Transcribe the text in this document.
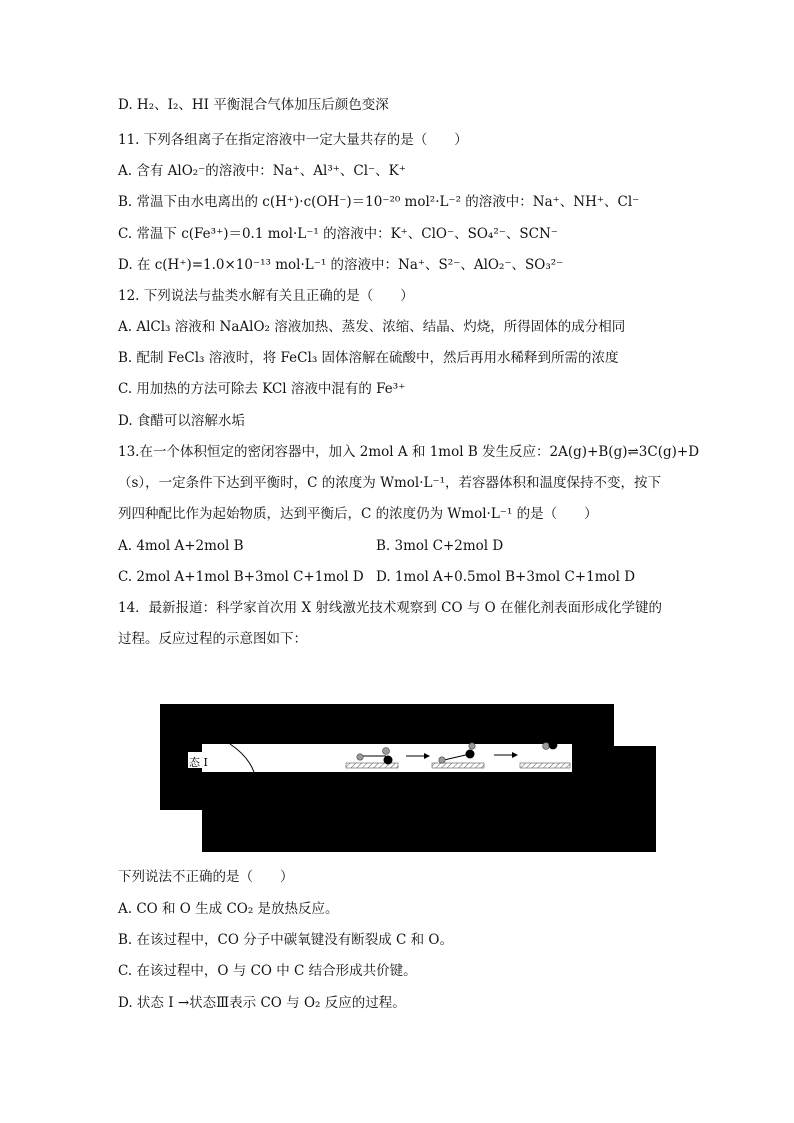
D. H₂、I₂、HI 平衡混合气体加压后颜色变深
11. 下列各组离子在指定溶液中一定大量共存的是（　　）
A. 含有 AlO₂⁻的溶液中：Na⁺、Al³⁺、Cl⁻、K⁺
B. 常温下由水电离出的 c(H⁺)·c(OH⁻)＝10⁻²⁰ mol²·L⁻² 的溶液中：Na⁺、NH⁺、Cl⁻
C. 常温下 c(Fe³⁺)＝0.1 mol·L⁻¹ 的溶液中：K⁺、ClO⁻、SO₄²⁻、SCN⁻
D. 在 c(H⁺)=1.0×10⁻¹³ mol·L⁻¹ 的溶液中：Na⁺、S²⁻、AlO₂⁻、SO₃²⁻
12. 下列说法与盐类水解有关且正确的是（　　）
A. AlCl₃ 溶液和 NaAlO₂ 溶液加热、蒸发、浓缩、结晶、灼烧，所得固体的成分相同
B. 配制 FeCl₃ 溶液时，将 FeCl₃ 固体溶解在硫酸中，然后再用水稀释到所需的浓度
C. 用加热的方法可除去 KCl 溶液中混有的 Fe³⁺
D. 食醋可以溶解水垢
13.在一个体积恒定的密闭容器中，加入 2mol A 和 1mol B 发生反应：2A(g)+B(g)⇌3C(g)+D
（s），一定条件下达到平衡时，C 的浓度为 Wmol·L⁻¹，若容器体积和温度保持不变，按下
列四种配比作为起始物质，达到平衡后，C 的浓度仍为 Wmol·L⁻¹ 的是（　　）
A. 4mol A+2mol B	B. 3mol C+2mol D
C. 2mol A+1mol B+3mol C+1mol D D. 1mol A+0.5mol B+3mol C+1mol D
14．最新报道：科学家首次用 X 射线激光技术观察到 CO 与 O 在催化剂表面形成化学键的
过程。反应过程的示意图如下：
态 Ⅰ
下列说法不正确的是（　　）
A. CO 和 O 生成 CO₂ 是放热反应。
B. 在该过程中，CO 分子中碳氧键没有断裂成 C 和 O。
C. 在该过程中，O 与 CO 中 C 结合形成共价键。
D. 状态 Ⅰ →状态Ⅲ表示 CO 与 O₂ 反应的过程。
